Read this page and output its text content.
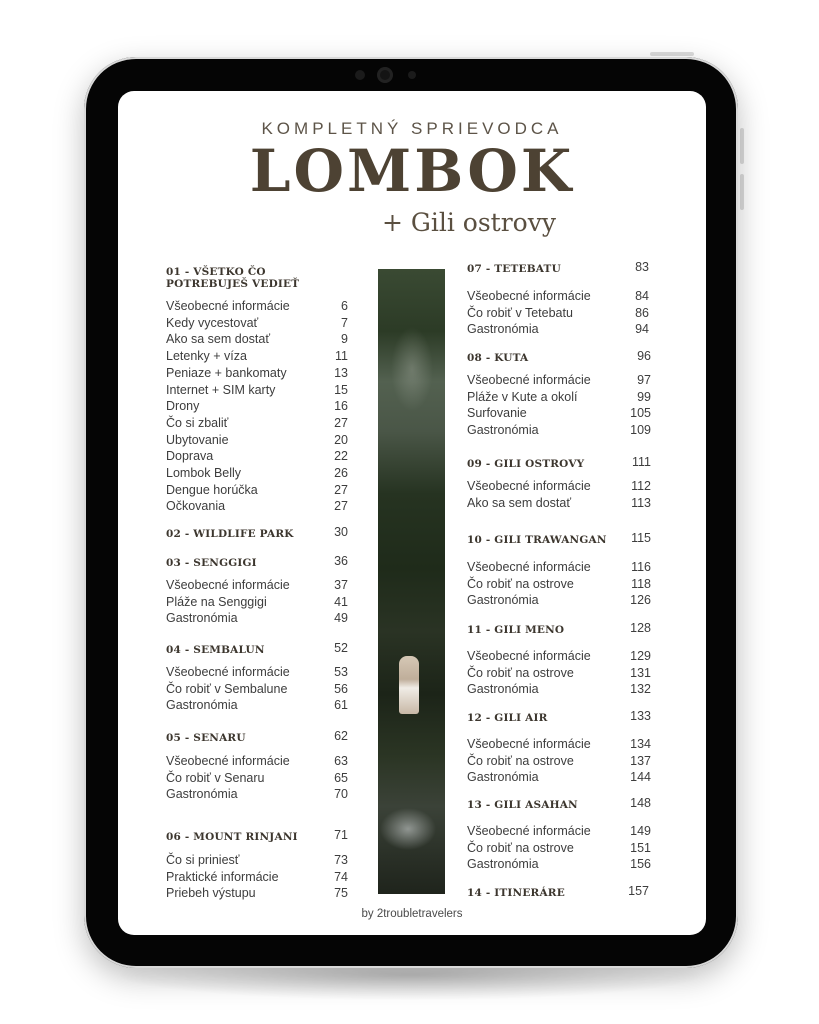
KOMPLETNÝ SPRIEVODCA
LOMBOK
+ Gili ostrovy
01 - VŠETKO ČO POTREBUJEŠ VEDIEŤ
Všeobecné informácie	6
Kedy vycestovať	7
Ako sa sem dostať	9
Letenky + víza	11
Peniaze + bankomaty	13
Internet + SIM karty	15
Drony	16
Čo si zbaliť	27
Ubytovanie	20
Doprava	22
Lombok Belly	26
Dengue horúčka	27
Očkovania	27
02 - WILDLIFE PARK	30
03 - SENGGIGI	36
Všeobecné informácie	37
Pláže na Senggigi	41
Gastronómia	49
04 - SEMBALUN	52
Všeobecné informácie	53
Čo robiť v Sembalune	56
Gastronómia	61
05 - SENARU	62
Všeobecné informácie	63
Čo robiť v Senaru	65
Gastronómia	70
06 - MOUNT RINJANI	71
Čo si priniesť	73
Praktické informácie	74
Priebeh výstupu	75
07 - TETEBATU	83
Všeobecné informácie	84
Čo robiť v Tetebatu	86
Gastronómia	94
08 - KUTA	96
Všeobecné informácie	97
Pláže v Kute a okolí	99
Surfovanie	105
Gastronómia	109
09 - GILI OSTROVY	111
Všeobecné informácie	112
Ako sa sem dostať	113
10 - GILI TRAWANGAN	115
Všeobecné informácie	116
Čo robiť na ostrove	118
Gastronómia	126
11 - GILI MENO	128
Všeobecné informácie	129
Čo robiť na ostrove	131
Gastronómia	132
12 - GILI AIR	133
Všeobecné informácie	134
Čo robiť na ostrove	137
Gastronómia	144
13 - GILI ASAHAN	148
Všeobecné informácie	149
Čo robiť na ostrove	151
Gastronómia	156
14 - ITINERÁRE	157
by 2troubletravelers
